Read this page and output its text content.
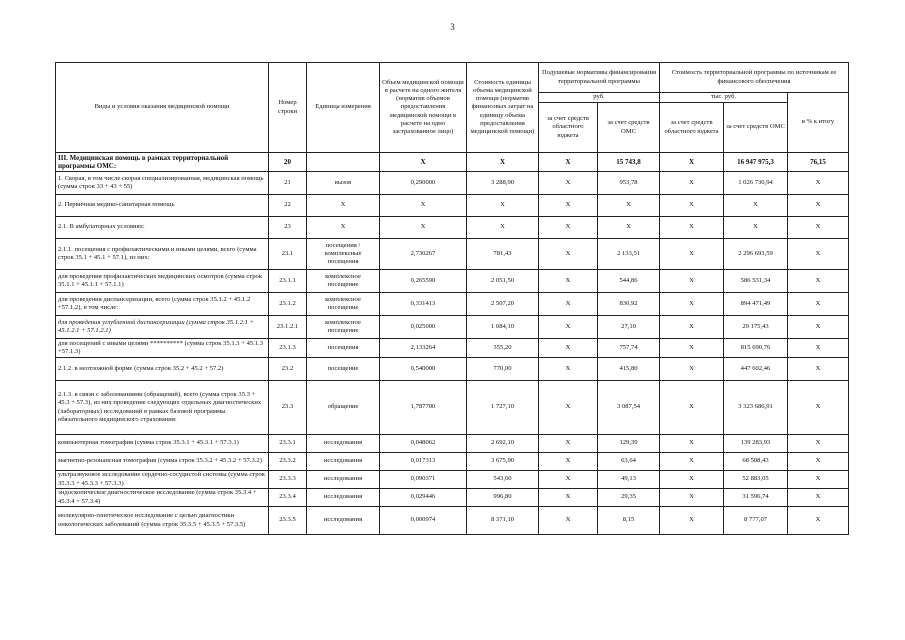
3
Виды и условия оказания медицинской помощи	Номер строки	Единица измерения	Объем медицинской помощи в расчете на одного жителя (норматив объемов предоставления медицинской помощи в расчете на одно застрахованное лицо)	Стоимость единицы объема медицинской помощи (норматив финансовых затрат на единицу объема предоставления медицинской помощи)	Подушевые нормативы финансирования территориальной программы		Стоимость территориальной программы по источникам ее финансового обеспечения		
					руб.		тыс. руб.		в % к итогу
					за счет средств областного юджета	за счет средств ОМС	за счет средств областного юджета	за счет средств ОМС	
III. Медицинская помощь в рамках территориальной программы ОМС:	20		X	X	X	15 743,8	X	16 947 975,3	76,15
1. Скорая, в том числе скорая специализированная, медицинская помощь (сумма строк 33 + 43 + 55)	21	вызов	0,290000	3 288,90	X	953,78	X	1 026 730,94	X
2. Первичная медико-санитарная помощь	22	X	X	X	X	X	X	X	X
2.1. В амбулаторных условиях:	23	X	X	X	X	X	X	X	X
2.1.1. посещения с профилактическими и иными целями, всего (сумма строк 35.1 + 45.1 + 57.1), из них:	23.1	посещения / комплексные посещения	2,730267	781,43	X	2 133,51	X	2 296 693,59	X
для проведения профилактических медицинских осмотров (сумма строк 35.1.1 + 45.1.1 + 57.1.1)	23.1.1	комплексное посещение	0,265590	2 051,50	X	544,86	X	586 531,34	X
для проведения диспансеризации, всего (сумма строк 35.1.2 + 45.1.2 +57.1.2), в том числе:	23.1.2	комплексное посещение	0,331413	2 507,20	X	830,92	X	894 471,49	X
для проведения углубленной диспансеризации (сумма строк 35.1.2.1 + 45.1.2.1 + 57.1.2.1)	23.1.2.1	комплексное посещение	0,025000	1 084,10	X	27,10	X	29 175,43	X
для посещений с иными целями ********** (сумма строк 35.1.3 + 45.1.3 +57.1.3)	23.1.3	посещения	2,133264	355,20	X	757,74	X	815 690,76	X
2.1.2. в неотложной форме (сумма строк 35.2 + 45.2 + 57.2)	23.2	посещение	0,540000	770,00	X	415,80	X	447 602,46	X
2.1.3. в связи с заболеваниями (обращений), всего (сумма строк 35.3 + 45.3 + 57.3), из них проведение следующих отдельных диагностических (лабораторных) исследований в рамках базовой программы обязательного медицинского страхования:	23.3	обращение	1,787700	1 727,10	X	3 087,54	X	3 323 686,91	X
компьютерная томография (сумма строк 35.3.1 + 45.3.1 + 57.3.1)	23.3.1	исследования	0,048062	2 692,10	X	129,39	X	139 283,93	X
магнитно-резонансная томография (сумма строк 35.3.2 + 45.3.2 + 57.3.2)	23.3.2	исследования	0,017313	3 675,90	X	63,64	X	68 508,43	X
ультразвуковое исследование сердечно-сосудистой системы (сумма строк 35.3.3 + 45.3.3 + 57.3.3)	23.3.3	исследования	0,090371	543,60	X	49,13	X	52 883,05	X
эндоскопическое диагностическое исследование (сумма строк 35.3.4 + 45.3.4 + 57.3.4)	23.3.4	исследования	0,029446	996,80	X	29,35	X	31 596,74	X
молекулярно-генетическое исследование с целью диагностики онкологических заболеваний (сумма строк 35.3.5 + 45.3.5 + 57.3.5)	23.3.5	исследования	0,000974	8 371,10	X	8,15	X	8 777,07	X
